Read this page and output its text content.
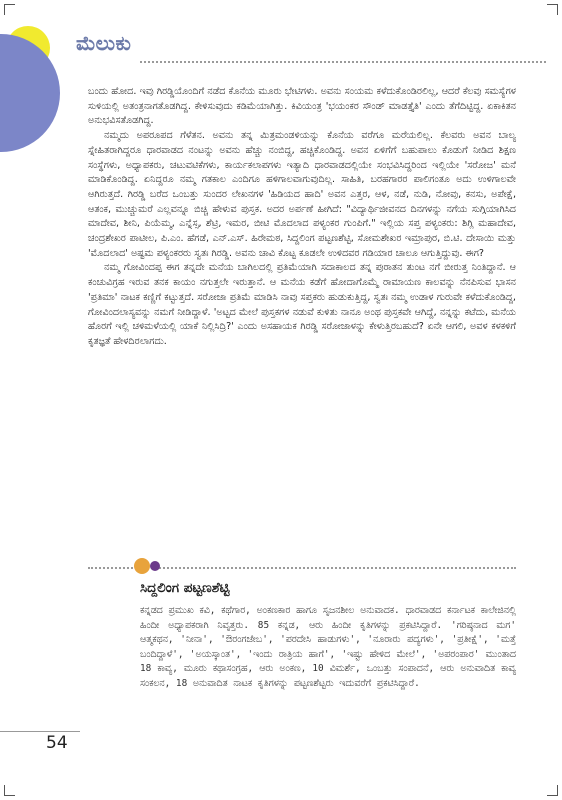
ಮೆಲುಕು

ಬಂದು ಹೋದ. ಇವು ಗಿರಡ್ಡಿಯೊಂದಿಗೆ ನಡೆದ ಕೊನೆಯ ಮೂರು ಭೇಟಿಗಳು. ಅವನು ಸಂಯಮ ಕಳೆದುಕೊಂಡಿರಲಿಲ್ಲ, ಆದರೆ ಕೆಲವು ಸಮಸ್ಯೆಗಳ ಸುಳಿಯಲ್ಲಿ ಅತಂತ್ರನಾಗತೊಡಗಿದ್ದ. ಕೇಳಿಸುವುದು ಕಡಿಮೆಯಾಗಿತ್ತು. ಕಿವಿಯಂತ್ರ 'ಭಯಂಕರ ಸೌಂಡ್ ಮಾಡತ್ತೈತಿ' ಎಂದು ತೆಗೆದಿಟ್ಟಿದ್ದ. ಏಕಾಕಿತನ ಅನುಭವಿಸತೊಡಗಿದ್ದ.

ನಮ್ಮದು ಅಪರೂಪದ ಗೆಳೆತನ. ಅವನು ತನ್ನ ಮಿತ್ರಮಂಡಳಿಯನ್ನು ಕೊನೆಯ ವರೆಗೂ ಮರೆಯಲಿಲ್ಲ. ಕೆಲವರು ಅವನ ಬಾಲ್ಯ ಸ್ನೇಹಿತರಾಗಿದ್ದರೂ ಧಾರವಾಡದ ನಂಟನ್ನು ಅವನು ಹೆಚ್ಚು ನಂಬಿದ್ದ, ಹಚ್ಚಿಕೊಂಡಿದ್ದ. ಅವನ ಏಳಿಗೆಗೆ ಬಹುಪಾಲು ಕೊಡುಗೆ ನೀಡಿದ ಶಿಕ್ಷಣ ಸಂಸ್ಥೆಗಳು, ಅಧ್ಯಾಪಕರು, ಚಟುವಟಿಕೆಗಳು, ಕಾರ್ಯಕಲಾಪಗಳು ಇತ್ಯಾದಿ ಧಾರವಾಡದಲ್ಲಿಯೇ ಸಂಭವಿಸಿದ್ದರಿಂದ ಇಲ್ಲಿಯೇ 'ಸರೋಜ' ಮನೆ ಮಾಡಿಕೊಂಡಿದ್ದ. ಏನಿದ್ದರೂ ನಮ್ಮ ಗತಕಾಲ ಎಂದಿಗೂ ಹಳಿಗಾಲವಾಗುವುದಿಲ್ಲ. ಸಾಹಿತಿ, ಬರಹಗಾರರ ಪಾಲಿಗಂತೂ ಅದು ಉಳಿಗಾಲವೇ ಆಗಿರುತ್ತದೆ. ಗಿರಡ್ಡಿ ಬರೆದ ಒಂಬತ್ತು ಸುಂದರ ಲೇಖನಗಳ 'ಹಿಡಿಯದ ಹಾದಿ' ಅವನ ಎತ್ತರ, ಆಳ, ನಡೆ, ನುಡಿ, ನೋವು, ಕನಸು, ಅಪೇಕ್ಷೆ, ಆತಂಕ, ಮುಚ್ಚುಮರೆ ಎಲ್ಲವನ್ನೂ ಬಿಚ್ಚಿ ಹೇಳುವ ಪುಸ್ತಕ. ಅದರ ಅರ್ಪಣೆ ಹೀಗಿದೆ: "ವಿದ್ಯಾರ್ಥಿಜೀವನದ ದಿನಗಳನ್ನು ನಗೆಯ ಸುಗ್ಗಿಯಾಗಿಸಿದ ಮಾದೇವ, ಶೀನಿ, ಪಿಯೆಮ್ಮ, ಎನ್ನೆಸ್ಸ, ಶೆಟ್ರಿ, ಇಮರ, ಬೀಟಿ ಮೊದಲಾದ ಪಳ್ಯಂಕರ ಗುಂಪಿಗೆ." ಇಲ್ಲಿಯ ಸಪ್ತ ಪಳ್ಯಂಕರು: ಶಿಗ್ಲಿ ಮಹಾದೇವ, ಚಂದ್ರಶೇಖರ ಪಾಟೀಲ, ಪಿ.ಎಂ. ಹೆಗಡೆ, ಎನ್.ಎಸ್. ಹಿರೇಮಠ, ಸಿದ್ದಲಿಂಗ ಪಟ್ಟಣಶೆಟ್ಟಿ, ಸೋಮಶೇಖರ ಇಮ್ರಾಪುರ, ಬಿ.ಟಿ. ದೇಸಾಯಿ ಮತ್ತು 'ಮೊದಲಾದ' ಅಷ್ಟಮ ಪಳ್ಯಂಕರರು ಸ್ವತಃ ಗಿರಡ್ಡಿ. ಅವನು ಚಾವಿ ಕೊಟ್ಟ ಕೂಡಲೇ ಉಳಿದವರ ಗಡಿಯಾರ ಚಾಲೂ ಆಗುತ್ತಿದ್ದುವು. ಈಗ?

ನಮ್ಮ ಗೋವಿಂದಪ್ಪ ಈಗ ತನ್ನದೇ ಮನೆಯ ಬಾಗಿಲದಲ್ಲಿ ಪ್ರತಿಮೆಯಾಗಿ ಸದಾಕಾಲದ ತನ್ನ ಪುರಾತನ ತುಂಟ ನಗೆ ಬೀರುತ್ತ ನಿಂತಿದ್ದಾನೆ. ಆ ಕಂಚುವಿಗ್ರಹ ಇರುವ ತನಕ ಕಾಯಂ ನಗುತ್ತಲೇ ಇರುತ್ತಾನೆ. ಆ ಮನೆಯ ಕಡೆಗೆ ಹೋದಾಗೊಮ್ಮೆ ರಾಮಾಯಣ ಕಾಲವನ್ನು ನೆನಪಿಸುವ ಭಾಸನ 'ಪ್ರತಿಮಾ' ನಾಟಕ ಕಣ್ಣಿಗೆ ಕಟ್ಟುತ್ತದೆ. ಸರೋಜಾ ಪ್ರತಿಮೆ ಮಾಡಿಸಿ ನಾವು ಸಪ್ತಕರು ಹುಡುಕುತ್ತಿದ್ದ, ಸ್ವತಃ ನಮ್ಮ ಉಡಾಳ ಗುರುವೇ ಕಳೆದುಕೊಂಡಿದ್ದ, ಗೋವಿಂದಲಾಸ್ಯವನ್ನು ನಮಗೆ ನೀಡಿದ್ದಾಳೆ. 'ಅಟ್ಟದ ಮೇಲೆ ಪುಸ್ತಕಗಳ ನಡುವೆ ಕುಳಿತು ನಾನೂ ಅಂಥ ಪುಸ್ತಕವೇ ಆಗಿದ್ದೆ, ನನ್ನನ್ನು ಕಟೆದು, ಮನೆಯ ಹೊರಗೆ ಇಲ್ಲಿ ಚಳಿಮಳೆಯಲ್ಲಿ ಯಾಕೆ ನಿಲ್ಲಿಸಿದ್ರಿ?' ಎಂದು ಅಸಹಾಯಕ ಗಿರಡ್ಡಿ ಸರೋಜಾಳನ್ನು ಕೇಳುತ್ತಿರಬಹುದೆ? ಏನೇ ಆಗಲಿ, ಅವಳ ಕಳಕಳಿಗೆ ಕೃತಜ್ಞತೆ ಹೇಳದಿರಲಾಗದು.

ಸಿದ್ದಲಿಂಗ ಪಟ್ಟಣಶೆಟ್ಟಿ
ಕನ್ನಡದ ಪ್ರಮುಖ ಕವಿ, ಕಥೆಗಾರ, ಅಂಕಣಕಾರ ಹಾಗೂ ಸೃಜನಶೀಲ ಅನುವಾದಕ. ಧಾರವಾಡದ ಕರ್ನಾಟಕ ಕಾಲೇಜಿನಲ್ಲಿ ಹಿಂದೀ ಅಧ್ಯಾಪಕರಾಗಿ ನಿವೃತ್ತರು. 85 ಕನ್ನಡ, ಆರು ಹಿಂದೀ ಕೃತಿಗಳನ್ನು ಪ್ರಕಟಿಸಿದ್ದಾರೆ. 'ಗರಿಷ್ಠನಾದ ಮಗ' ಆತ್ಮಕಥನ, 'ನೀನಾ', 'ಔರಂಗಜೇಬ', 'ಪರದೇಸಿ ಹಾಡುಗಳು', 'ನೂರಾರು ಪದ್ಯಗಳು', 'ಪ್ರತೀಕ್ಷೆ', 'ಮತ್ತೆ ಬಂದಿದ್ದಾಳೆ', 'ಅಯಸ್ಕಾಂತ', 'ಇಂದು ರಾತ್ರಿಯ ಹಾಗೆ', 'ಇಷ್ಟು ಹೇಳಿದ ಮೇಲೆ', 'ಅಪರಂಪಾರ' ಮುಂತಾದ 18 ಕಾವ್ಯ, ಮೂರು ಕಥಾಸಂಗ್ರಹ, ಆರು ಅಂಕಣ, 10 ವಿಮರ್ಶೆ, ಒಂಬತ್ತು ಸಂಪಾದನೆ, ಆರು ಅನುವಾದಿತ ಕಾವ್ಯ ಸಂಕಲನ, 18 ಅನುವಾದಿತ ನಾಟಕ ಕೃತಿಗಳನ್ನು ಪಟ್ಟಣಶೆಟ್ಟರು ಇದುವರೆಗೆ ಪ್ರಕಟಿಸಿದ್ದಾರೆ.
54
